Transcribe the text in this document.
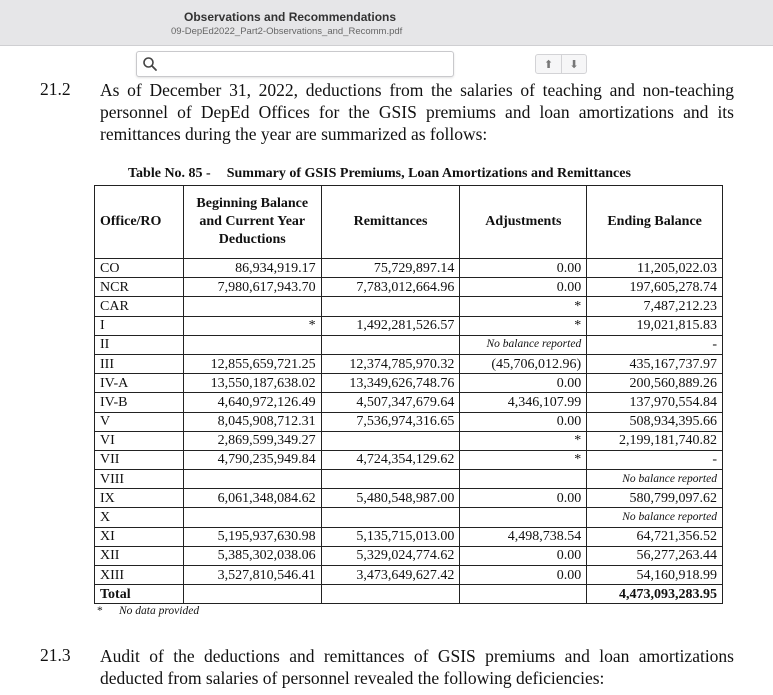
Observations and Recommendations
09-DepEd2022_Part2-Observations_and_Recomm.pdf
⬆ ⬇
21.2 As of December 31, 2022, deductions from the salaries of teaching and non-teaching personnel of DepEd Offices for the GSIS premiums and loan amortizations and its remittances during the year are summarized as follows:
Table No. 85 - Summary of GSIS Premiums, Loan Amortizations and Remittances
Office/RO	Beginning Balance and Current Year Deductions	Remittances	Adjustments	Ending Balance
CO	86,934,919.17	75,729,897.14	0.00	11,205,022.03
NCR	7,980,617,943.70	7,783,012,664.96	0.00	197,605,278.74
CAR			*	7,487,212.23
I	*	1,492,281,526.57	*	19,021,815.83
II			No balance reported	-
III	12,855,659,721.25	12,374,785,970.32	(45,706,012.96)	435,167,737.97
IV-A	13,550,187,638.02	13,349,626,748.76	0.00	200,560,889.26
IV-B	4,640,972,126.49	4,507,347,679.64	4,346,107.99	137,970,554.84
V	8,045,908,712.31	7,536,974,316.65	0.00	508,934,395.66
VI	2,869,599,349.27		*	2,199,181,740.82
VII	4,790,235,949.84	4,724,354,129.62	*	-
VIII				No balance reported
IX	6,061,348,084.62	5,480,548,987.00	0.00	580,799,097.62
X				No balance reported
XI	5,195,937,630.98	5,135,715,013.00	4,498,738.54	64,721,356.52
XII	5,385,302,038.06	5,329,024,774.62	0.00	56,277,263.44
XIII	3,527,810,546.41	3,473,649,627.42	0.00	54,160,918.99
Total				4,473,093,283.95
* No data provided
21.3 Audit of the deductions and remittances of GSIS premiums and loan amortizations deducted from salaries of personnel revealed the following deficiencies:
